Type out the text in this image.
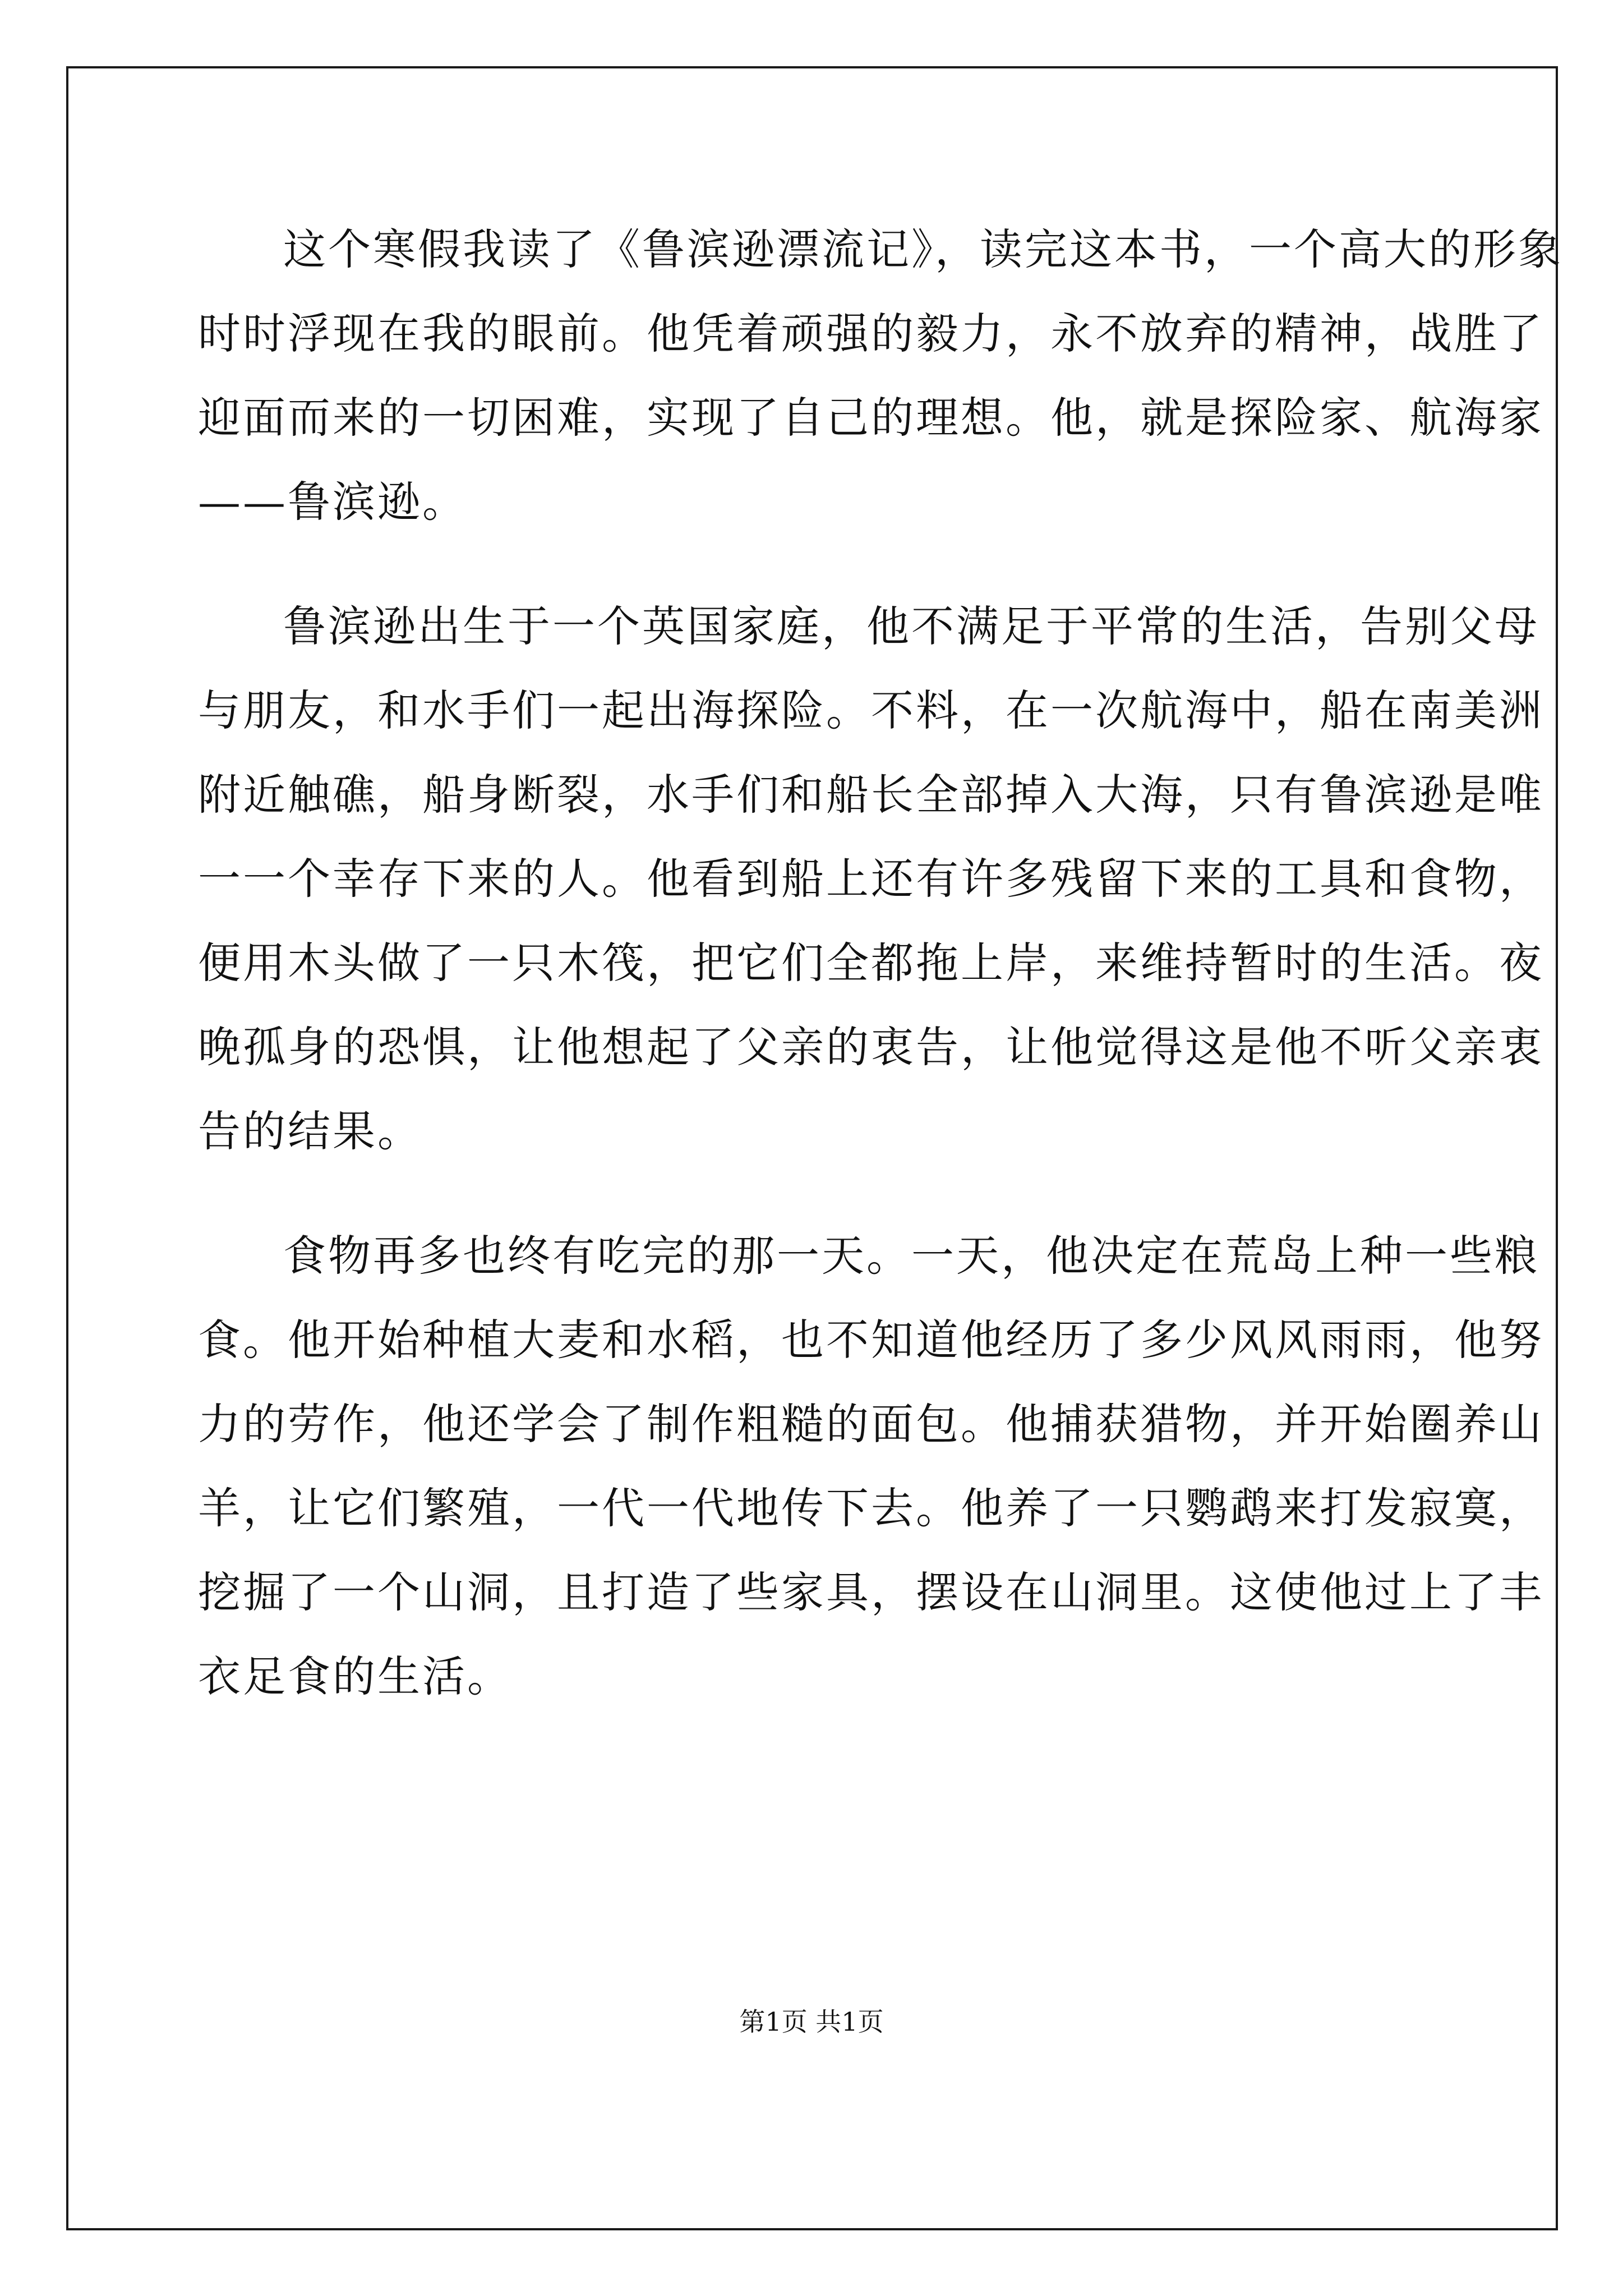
这个寒假我读了《鲁滨逊漂流记》，读完这本书，一个高大的形象
时时浮现在我的眼前。他凭着顽强的毅力，永不放弃的精神，战胜了
迎面而来的一切困难，实现了自己的理想。他，就是探险家、航海家
——鲁滨逊。
鲁滨逊出生于一个英国家庭，他不满足于平常的生活，告别父母
与朋友，和水手们一起出海探险。不料，在一次航海中，船在南美洲
附近触礁，船身断裂，水手们和船长全部掉入大海，只有鲁滨逊是唯
一一个幸存下来的人。他看到船上还有许多残留下来的工具和食物，
便用木头做了一只木筏，把它们全都拖上岸，来维持暂时的生活。夜
晚孤身的恐惧，让他想起了父亲的衷告，让他觉得这是他不听父亲衷
告的结果。
食物再多也终有吃完的那一天。一天，他决定在荒岛上种一些粮
食。他开始种植大麦和水稻，也不知道他经历了多少风风雨雨，他努
力的劳作，他还学会了制作粗糙的面包。他捕获猎物，并开始圈养山
羊，让它们繁殖，一代一代地传下去。他养了一只鹦鹉来打发寂寞，
挖掘了一个山洞，且打造了些家具，摆设在山洞里。这使他过上了丰
衣足食的生活。
第1页 共1页
